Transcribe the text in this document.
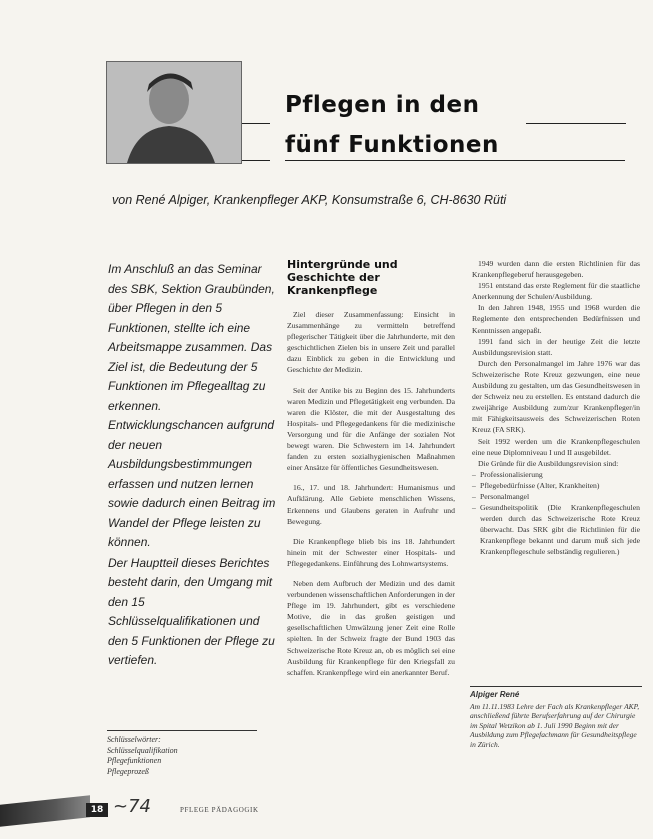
Pflegen in den
fünf Funktionen
von René Alpiger, Krankenpfleger AKP, Konsumstraße 6, CH-8630 Rüti

Im Anschluß an das Seminar des SBK, Sektion Graubünden, über Pflegen in den 5 Funktionen, stellte ich eine Arbeitsmappe zusammen. Das Ziel ist, die Bedeutung der 5 Funktionen im Pflegealltag zu erkennen. Entwicklungschancen aufgrund der neuen Ausbildungsbestimmungen erfassen und nutzen lernen sowie dadurch einen Beitrag im Wandel der Pflege leisten zu können.

Der Hauptteil dieses Berichtes besteht darin, den Umgang mit den 15 Schlüsselqualifikationen und den 5 Funktionen der Pflege zu vertiefen.

Schlüsselwörter:
Schlüsselqualifikation
Pflegefunktionen
Pflegeprozeß
Hintergründe und Geschichte der Krankenpflege

Ziel dieser Zusammenfassung: Einsicht in Zusammenhänge zu vermitteln betreffend pflegerischer Tätigkeit über die Jahrhunderte, mit den geschichtlichen Zielen bis in unsere Zeit und parallel dazu Einblick zu geben in die Entwicklung und Geschichte der Medizin.

Seit der Antike bis zu Beginn des 15. Jahrhunderts waren Medizin und Pflegetätigkeit eng verbunden. Da waren die Klöster, die mit der Ausgestaltung des Hospitals- und Pflegegedankens für die medizinische Versorgung und für die Anfänge der sozialen Not bewegt waren. Die Schwestern im 14. Jahrhundert fanden zu ersten sozialhygienischen Maßnahmen einer Ansätze für öffentliches Gesundheitswesen.

16., 17. und 18. Jahrhundert: Humanismus und Aufklärung. Alle Gebiete menschlichen Wissens, Erkennens und Glaubens geraten in Aufruhr und Bewegung.

Die Krankenpflege blieb bis ins 18. Jahrhundert hinein mit der Schwester einer Hospitals- und Pflegegedankens. Einführung des Lohnwartsystems.

Neben dem Aufbruch der Medizin und des damit verbundenen wissenschaftlichen Anforderungen in der Pflege im 19. Jahrhundert, gibt es verschiedene Motive, die in das großen geistigen und gesellschaftlichen Umwälzung jener Zeit eine Rolle spielten. In der Schweiz fragte der Bund 1903 das Schweizerische Rote Kreuz an, ob es möglich sei eine Ausbildung für Krankenpflege für den Kriegsfall zu schaffen. Krankenpflege wird ein anerkannter Beruf.

1949 wurden dann die ersten Richtlinien für das Krankenpflegeberuf herausgegeben.

1951 entstand das erste Reglement für die staatliche Anerkennung der Schulen/Ausbildung.

In den Jahren 1948, 1955 und 1968 wurden die Reglemente den entsprechenden Bedürfnissen und Kenntnissen angepaßt.

1991 fand sich in der heutige Zeit die letzte Ausbildungsrevision statt.

Durch den Personalmangel im Jahre 1976 war das Schweizerische Rote Kreuz gezwungen, eine neue Ausbildung zu gestalten, um das Gesundheitswesen in der Schweiz neu zu erstellen. Es entstand dadurch die zweijährige Ausbildung zum/zur Krankenpfleger/in mit Fähigkeitsausweis des Schweizerischen Roten Kreuz (FA SRK).

Seit 1992 werden um die Krankenpflegeschulen eine neue Diplomniveau I und II ausgebildet.

Die Gründe für die Ausbildungsrevision sind:

– Professionalisierung
– Pflegebedürfnisse (Alter, Krankheiten)
– Personalmangel
– Gesundheitspolitik (Die Krankenpflegeschulen werden durch das Schweizerische Rote Kreuz überwacht. Das SRK gibt die Richtlinien für die Krankenpflege bekannt und darum muß sich jede Krankenpflegeschule selbständig regulieren.)
Alpiger René
Am 11.11.1983 Lehre der Fach als Krankenpfleger AKP, anschließend führte Berufserfahrung auf der Chirurgie im Spital Wetzikon ab 1. Juli 1990 Beginn mit der Ausbildung zum Pflegefachmann für Gesundheitspflege in Zürich.
18 ~74	PFLEGE PÄDAGOGIK
